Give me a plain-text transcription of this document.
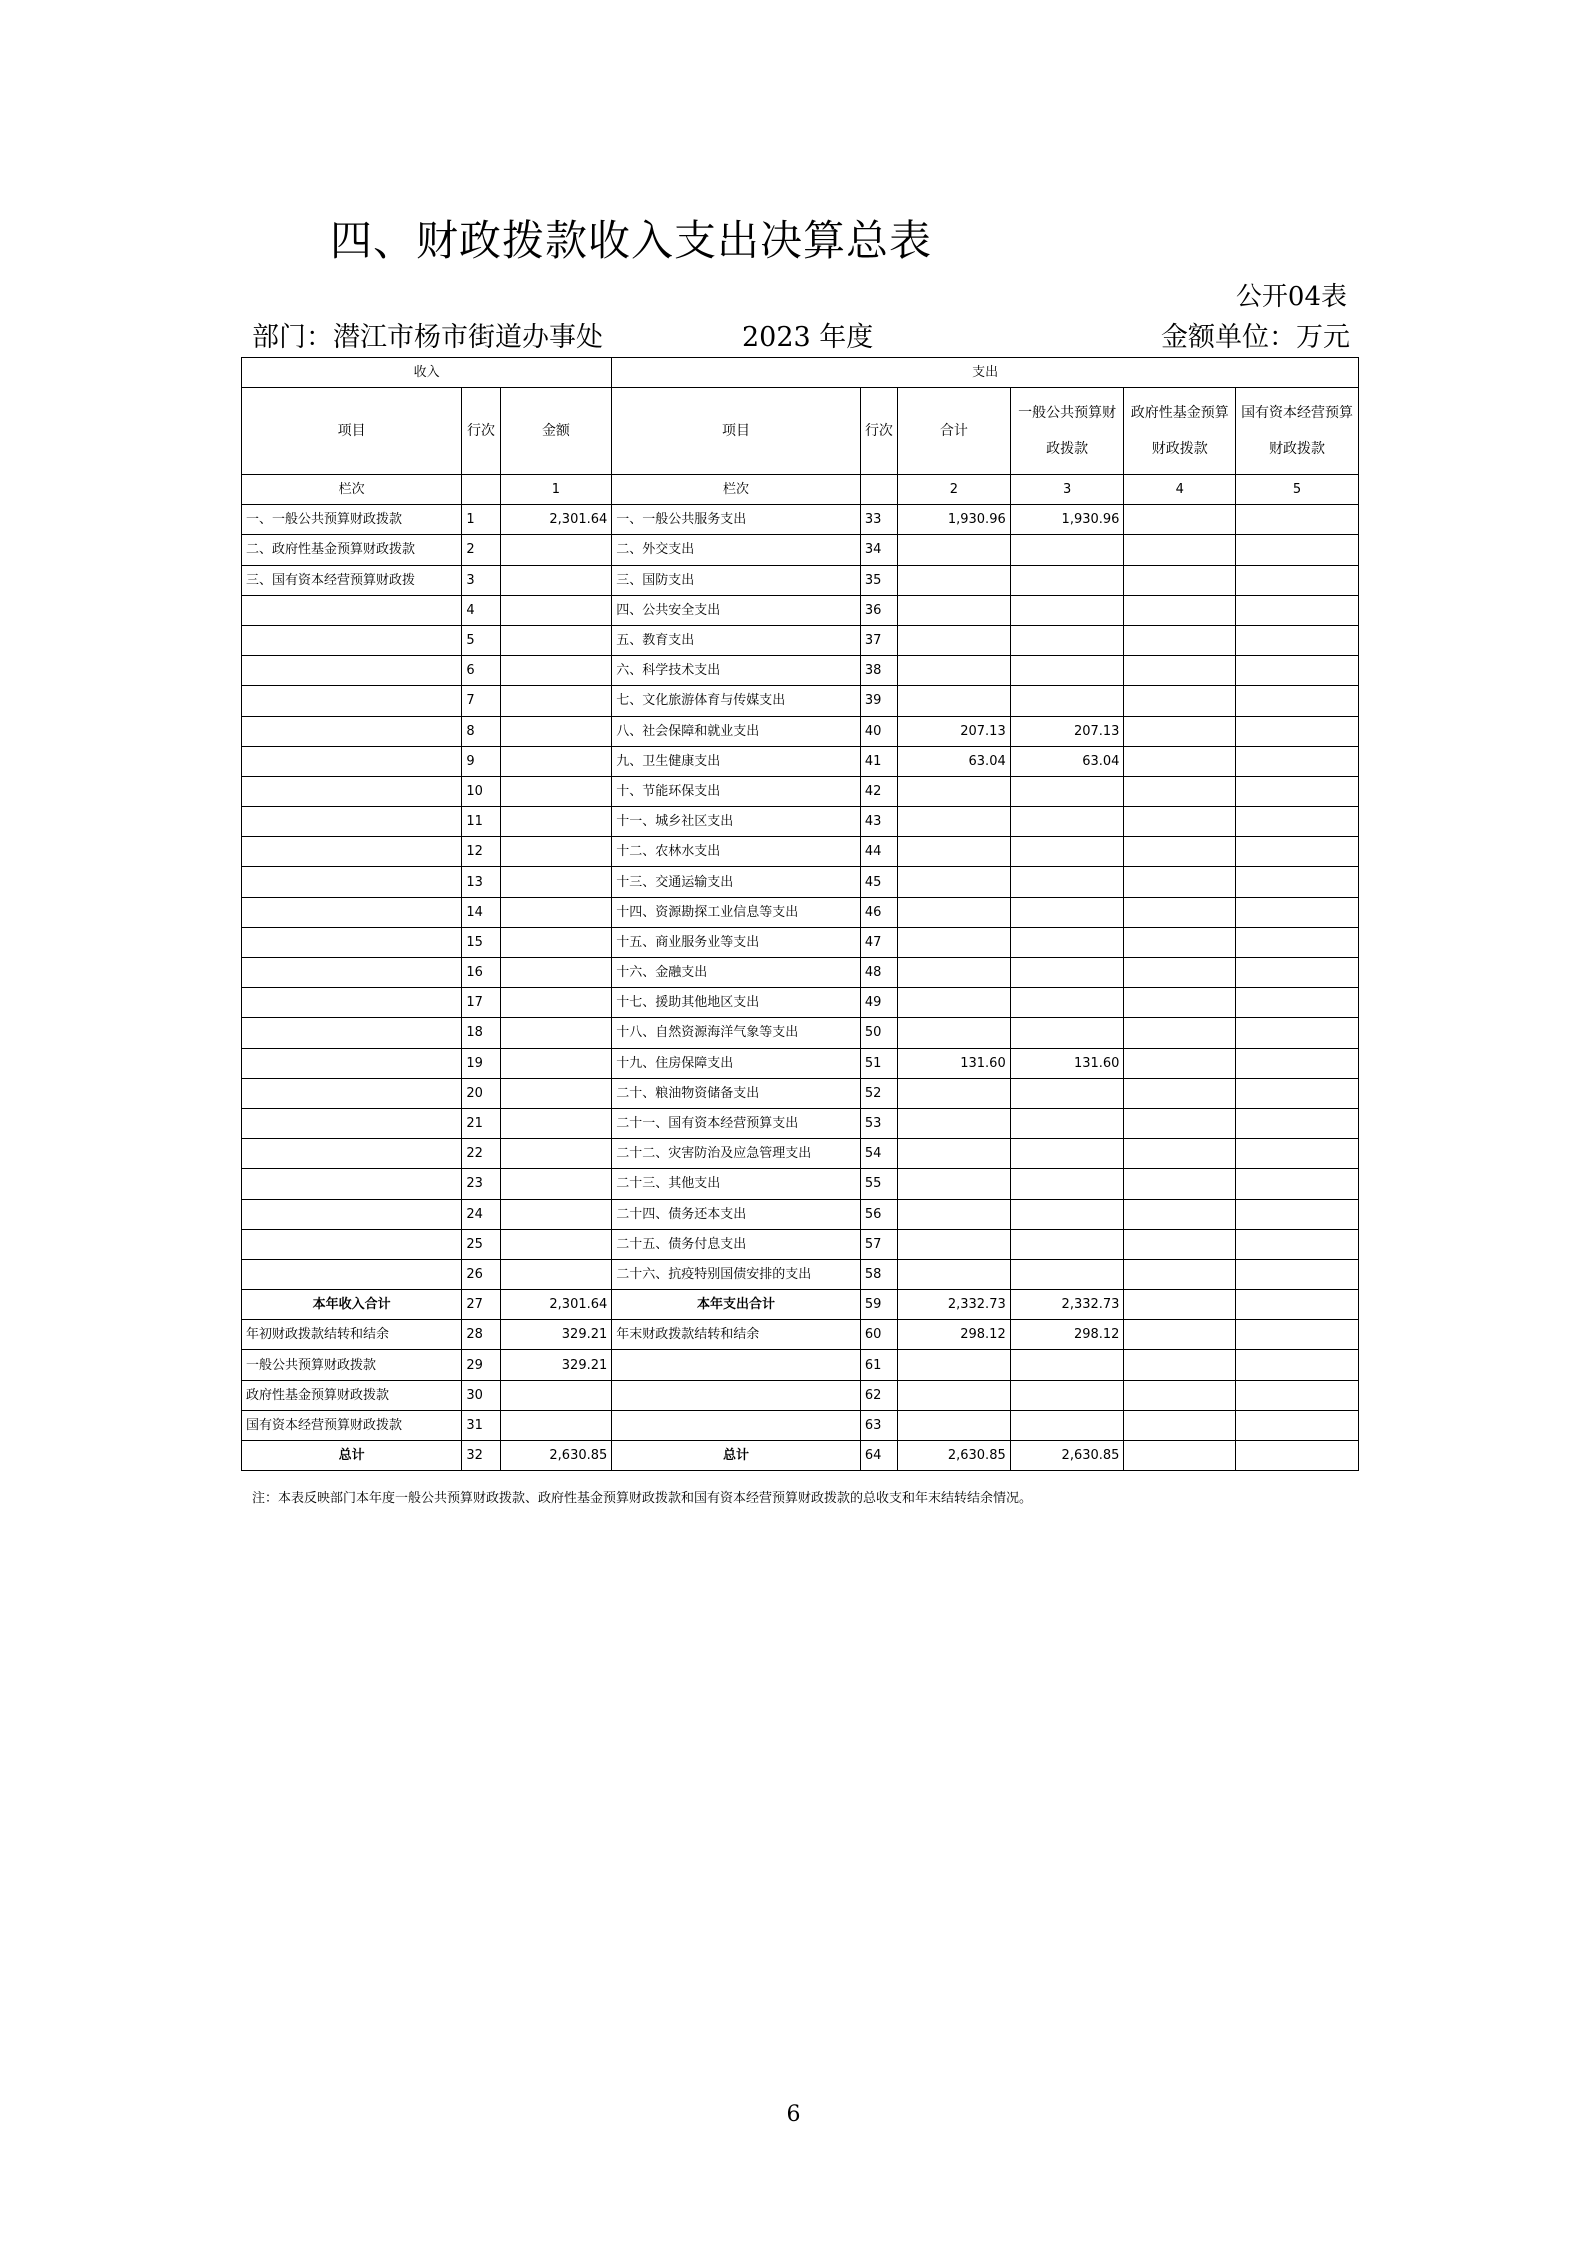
四、财政拨款收入支出决算总表
公开04表
部门：潜江市杨市街道办事处	2023 年度	金额单位：万元
收入			支出					
项目	行次	金额	项目	行次	合计	一般公共预算财政拨款	政府性基金预算财政拨款	国有资本经营预算财政拨款
栏次		1	栏次		2	3	4	5
一、一般公共预算财政拨款	1	2,301.64	一、一般公共服务支出	33	1,930.96	1,930.96		
二、政府性基金预算财政拨款	2		二、外交支出	34				
三、国有资本经营预算财政拨	3		三、国防支出	35				
	4		四、公共安全支出	36				
	5		五、教育支出	37				
	6		六、科学技术支出	38				
	7		七、文化旅游体育与传媒支出	39				
	8		八、社会保障和就业支出	40	207.13	207.13		
	9		九、卫生健康支出	41	63.04	63.04		
	10		十、节能环保支出	42				
	11		十一、城乡社区支出	43				
	12		十二、农林水支出	44				
	13		十三、交通运输支出	45				
	14		十四、资源勘探工业信息等支出	46				
	15		十五、商业服务业等支出	47				
	16		十六、金融支出	48				
	17		十七、援助其他地区支出	49				
	18		十八、自然资源海洋气象等支出	50				
	19		十九、住房保障支出	51	131.60	131.60		
	20		二十、粮油物资储备支出	52				
	21		二十一、国有资本经营预算支出	53				
	22		二十二、灾害防治及应急管理支出	54				
	23		二十三、其他支出	55				
	24		二十四、债务还本支出	56				
	25		二十五、债务付息支出	57				
	26		二十六、抗疫特别国债安排的支出	58				
本年收入合计	27	2,301.64	本年支出合计	59	2,332.73	2,332.73		
年初财政拨款结转和结余	28	329.21	年末财政拨款结转和结余	60	298.12	298.12		
一般公共预算财政拨款	29	329.21		61				
政府性基金预算财政拨款	30			62				
国有资本经营预算财政拨款	31			63				
总计	32	2,630.85	总计	64	2,630.85	2,630.85		
注：本表反映部门本年度一般公共预算财政拨款、政府性基金预算财政拨款和国有资本经营预算财政拨款的总收支和年末结转结余情况。
6
